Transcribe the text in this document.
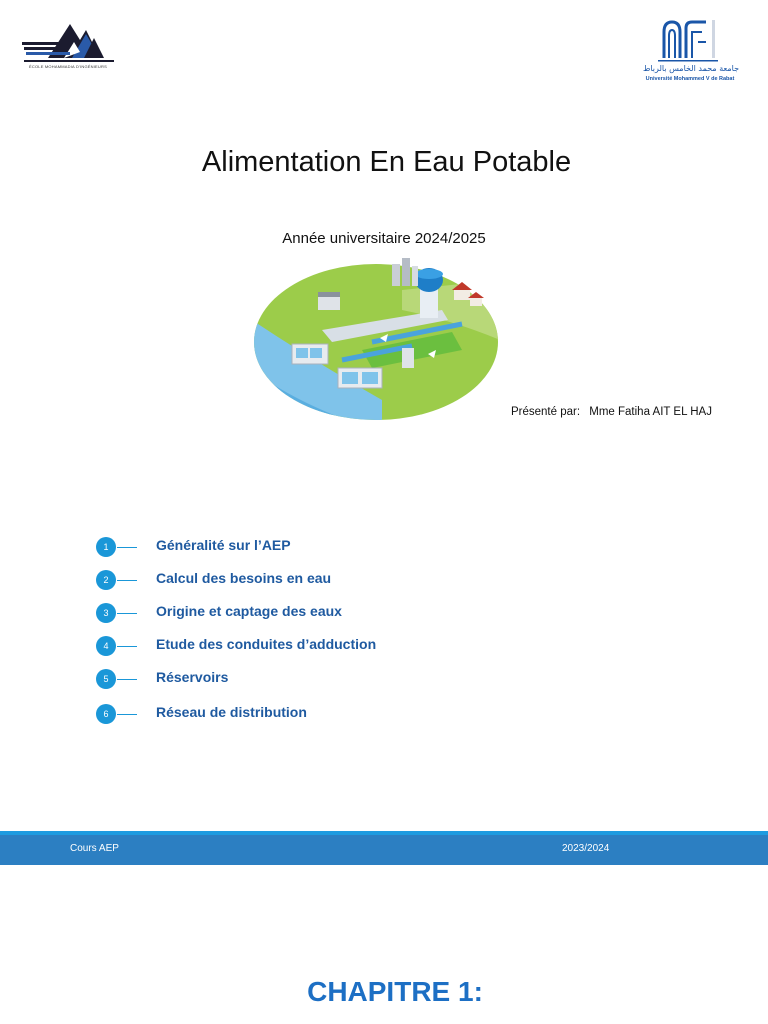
ÉCOLE MOHAMMADIA D'INGÉNIEURS	جامعة محمد الخامس بالرباط
Université Mohammed V de Rabat
Alimentation En Eau Potable
Année universitaire 2024/2025
Présenté par: Mme Fatiha AIT EL HAJ
1	Généralité sur l’AEP
2	Calcul des besoins en eau
3	Origine et captage des eaux
4	Etude des conduites d’adduction
5	Réservoirs
6	Réseau de distribution
Cours AEP	2023/2024
CHAPITRE 1:
